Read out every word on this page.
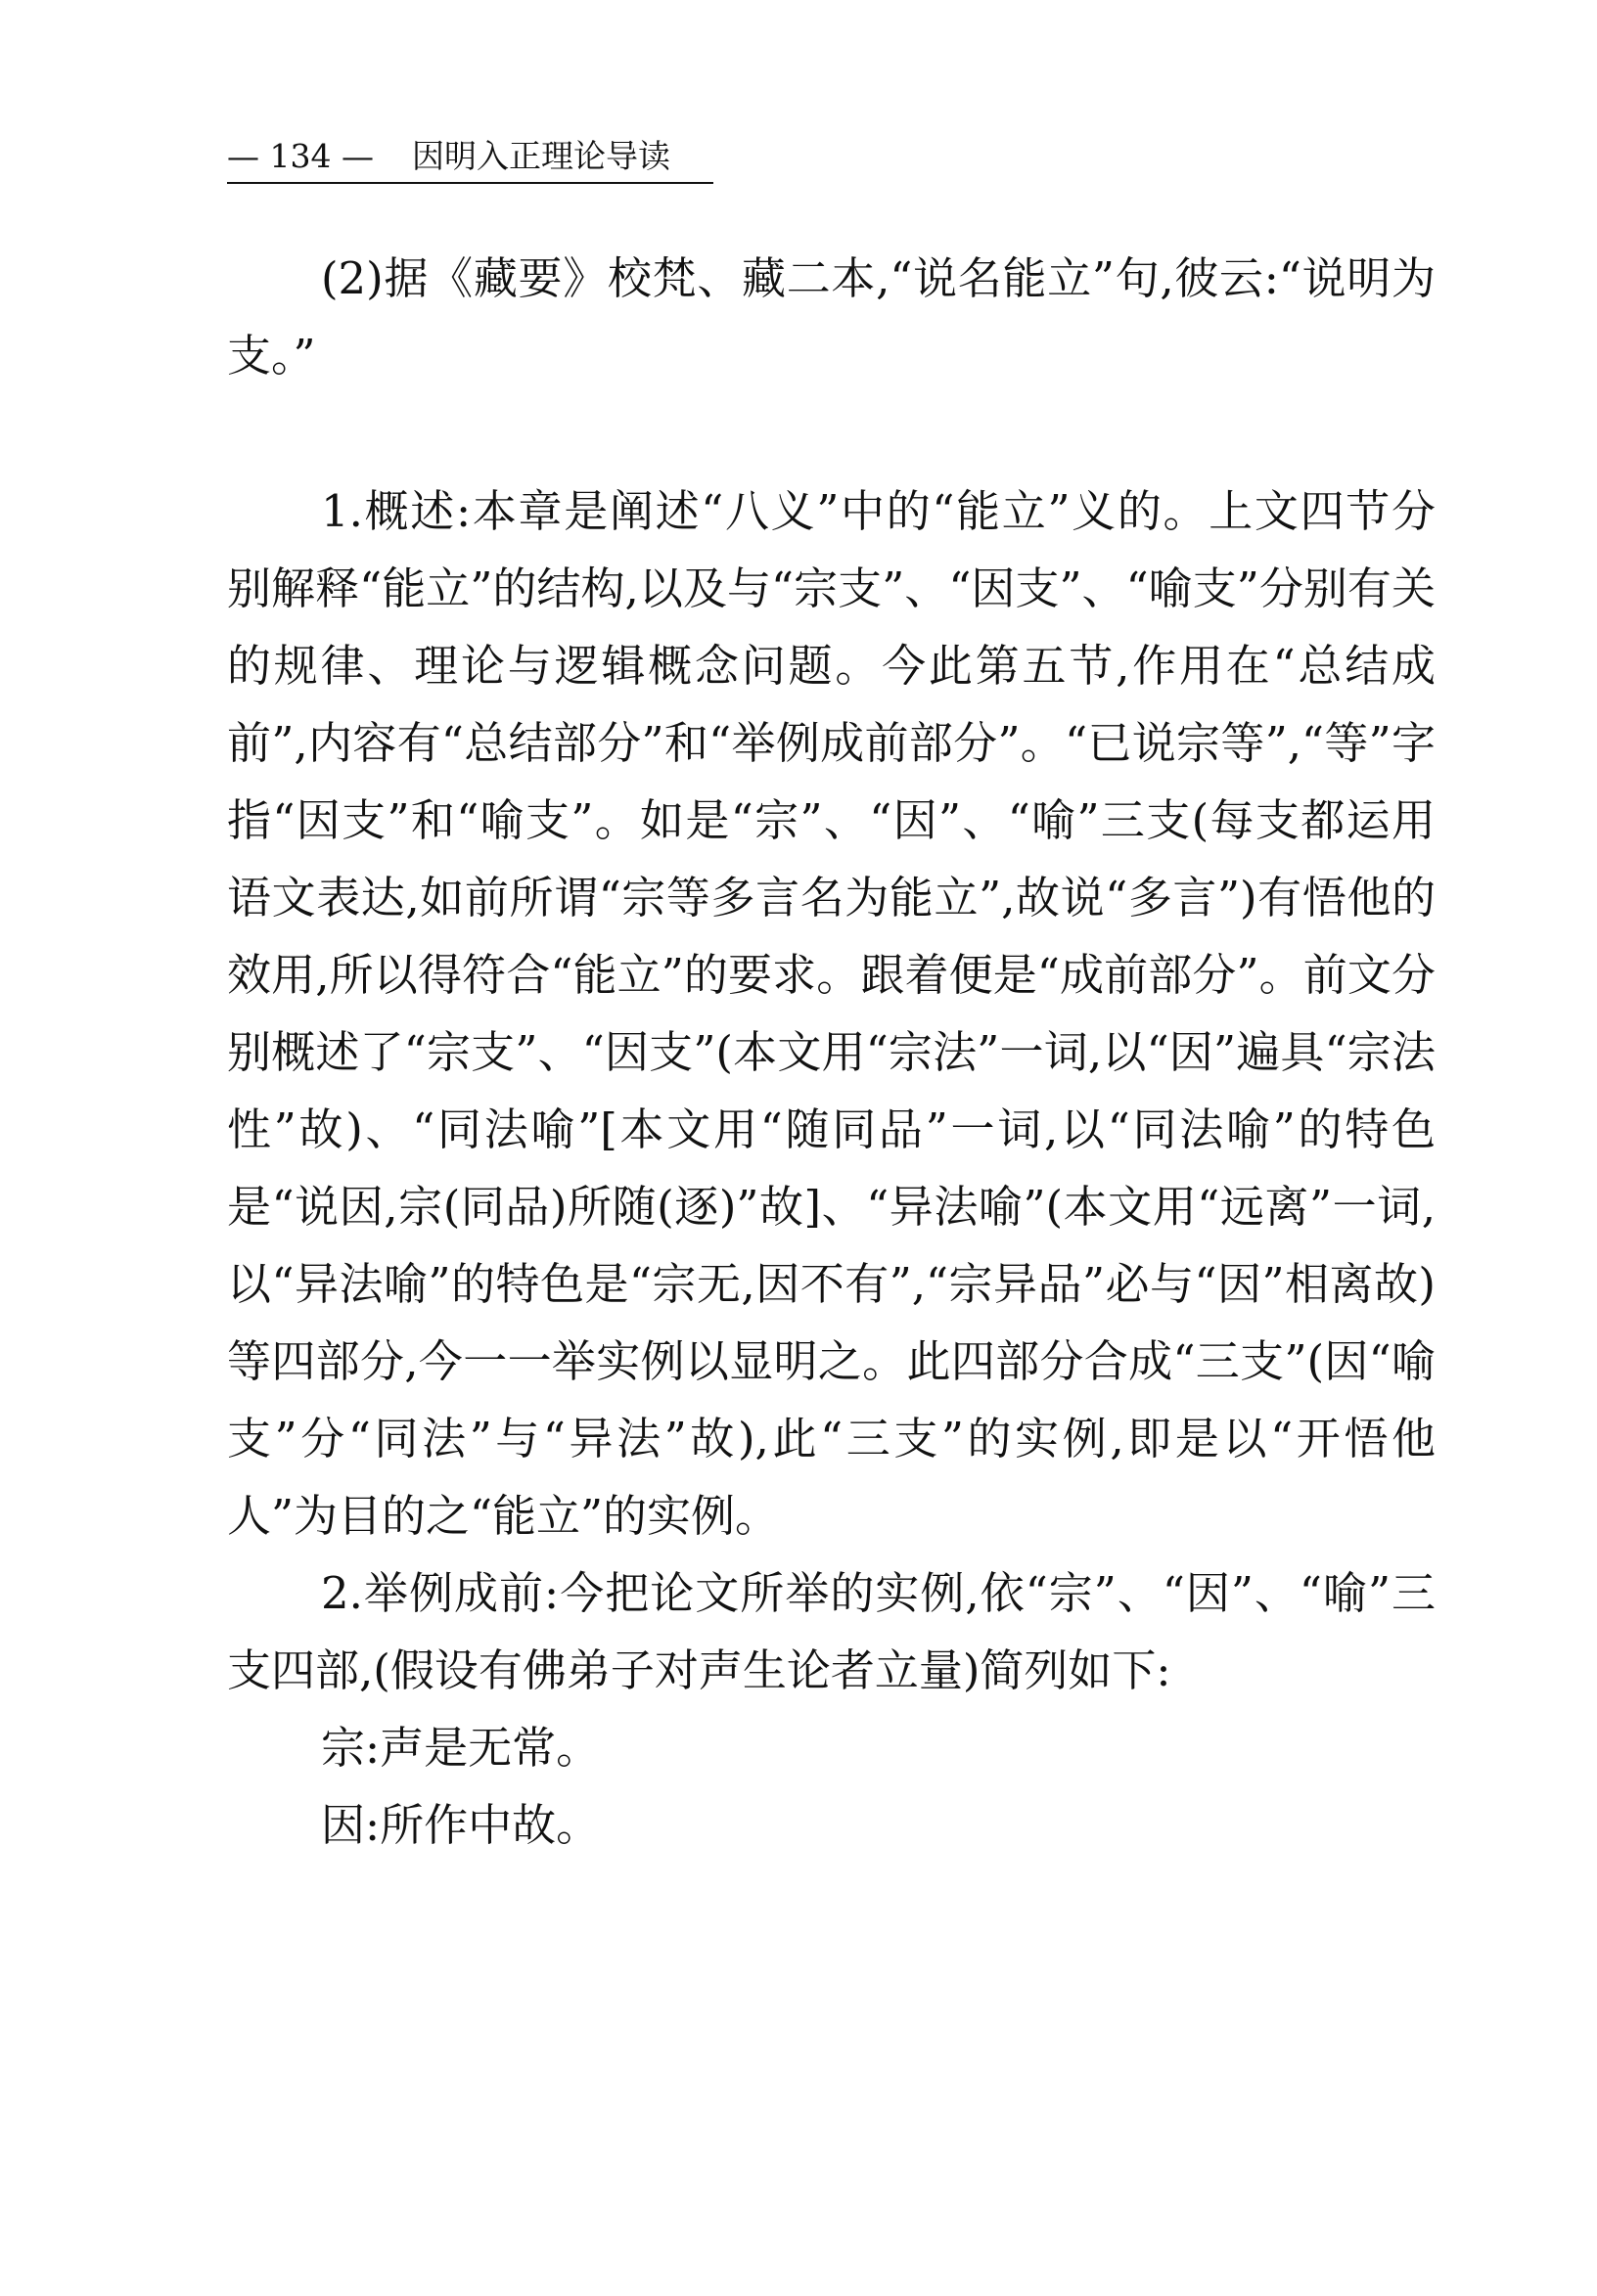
— 134 — 因明入正理论导读

(2)据《藏要》校梵、藏二本,“说名能立”句,彼云:“说明为支。”

1.概述:本章是阐述“八义”中的“能立”义的。上文四节分别解释“能立”的结构,以及与“宗支”、“因支”、“喻支”分别有关的规律、理论与逻辑概念问题。今此第五节,作用在“总结成前”,内容有“总结部分”和“举例成前部分”。“已说宗等”,“等”字指“因支”和“喻支”。如是“宗”、“因”、“喻”三支(每支都运用语文表达,如前所谓“宗等多言名为能立”,故说“多言”)有悟他的效用,所以得符合“能立”的要求。跟着便是“成前部分”。前文分别概述了“宗支”、“因支”(本文用“宗法”一词,以“因”遍具“宗法性”故)、“同法喻”[本文用“随同品”一词,以“同法喻”的特色是“说因,宗(同品)所随(逐)”故]、“异法喻”(本文用“远离”一词,以“异法喻”的特色是“宗无,因不有”,“宗异品”必与“因”相离故)等四部分,今一一举实例以显明之。此四部分合成“三支”(因“喻支”分“同法”与“异法”故),此“三支”的实例,即是以“开悟他人”为目的之“能立”的实例。

2.举例成前:今把论文所举的实例,依“宗”、“因”、“喻”三支四部,(假设有佛弟子对声生论者立量)简列如下:

宗:声是无常。

因:所作中故。
